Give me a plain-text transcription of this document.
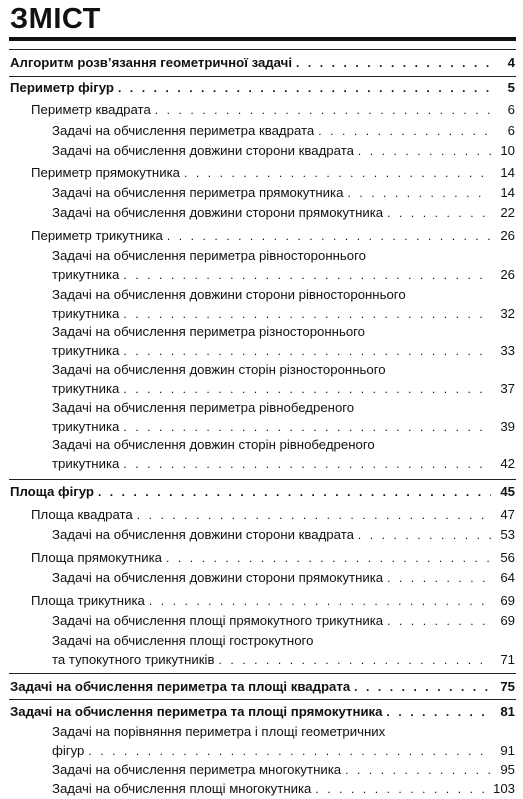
ЗМІСТ
Алгоритм розв’язання геометричної задачі . . .	4
Периметр фігур . . .	5
Периметр квадрата . . .	6
Задачі на обчислення периметра квадрата . . .	6
Задачі на обчислення довжини сторони квадрата . . .	10
Периметр прямокутника . . .	14
Задачі на обчислення периметра прямокутника . . .	14
Задачі на обчислення довжини сторони прямокутника . . .	22
Периметр трикутника . . .	26
Задачі на обчислення периметра рівностороннього
трикутника . . .	26
Задачі на обчислення довжини сторони рівностороннього
трикутника . . .	32
Задачі на обчислення периметра різностороннього
трикутника . . .	33
Задачі на обчислення довжин сторін різностороннього
трикутника . . .	37
Задачі на обчислення периметра рівнобедреного
трикутника . . .	39
Задачі на обчислення довжин сторін рівнобедреного
трикутника . . .	42
Площа фігур . . .	45
Площа квадрата . . .	47
Задачі на обчислення довжини сторони квадрата . . .	53
Площа прямокутника . . .	56
Задачі на обчислення довжини сторони прямокутника . . .	64
Площа трикутника . . .	69
Задачі на обчислення площі прямокутного трикутника . . .	69
Задачі на обчислення площі гострокутного
та тупокутного трикутників . . .	71
Задачі на обчислення периметра та площі квадрата . . .	75
Задачі на обчислення периметра та площі прямокутника . . .	81
Задачі на порівняння периметра і площі геометричних
фігур . . .	91
Задачі на обчислення периметра многокутника . . .	95
Задачі на обчислення площі многокутника . . .	103
